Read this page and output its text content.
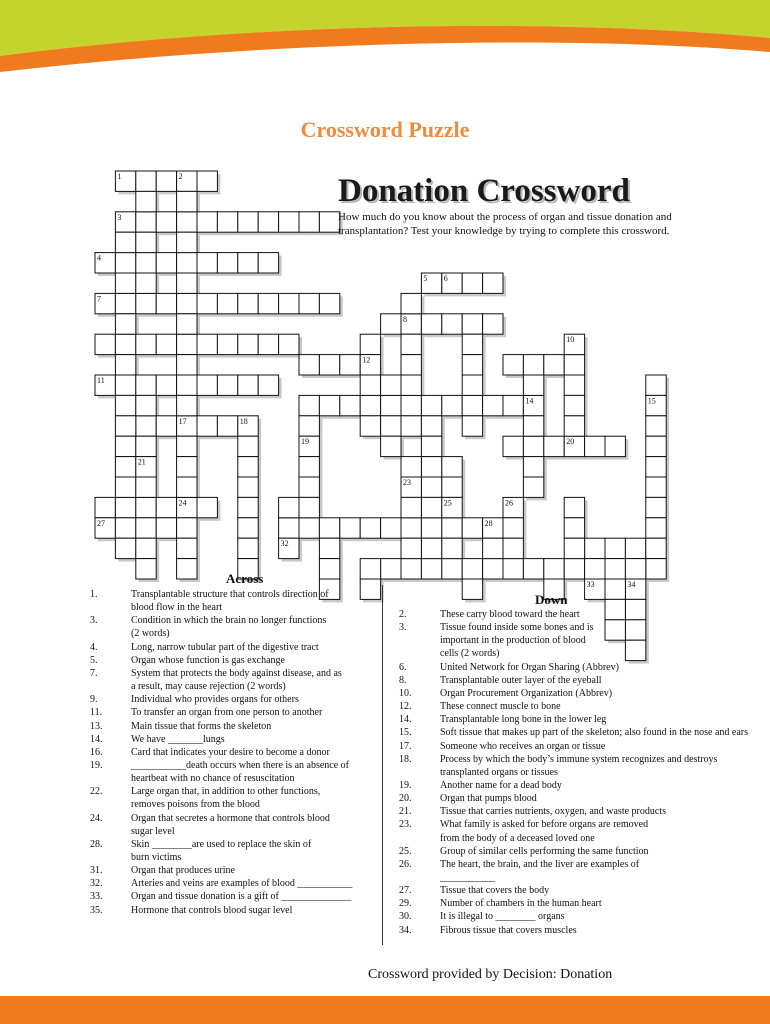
Crossword Puzzle
1	2
3
4
5 6
7
8
12
11
14
17	18
20
24
27	28
10
15
21
19
23
25	26
34
33
32
Donation Crossword
How much do you know about the process of organ and tissue donation and
transplantation? Test your knowledge by trying to complete this crossword.
Across
1.	Transplantable structure that controls direction of
blood flow in the heart
3.	Condition in which the brain no longer functions
(2 words)
4.	Long, narrow tubular part of the digestive tract
5.	Organ whose function is gas exchange
7.	System that protects the body against disease, and as
a result, may cause rejection (2 words)
9.	Individual who provides organs for others
11.	To transfer an organ from one person to another
13.	Main tissue that forms the skeleton
14.	We have _______lungs
16.	Card that indicates your desire to become a donor
19.	___________death occurs when there is an absence of
heartbeat with no chance of resuscitation
22.	Large organ that, in addition to other functions,
removes poisons from the blood
24.	Organ that secretes a hormone that controls blood
sugar level
28.	Skin ________are used to replace the skin of
burn victims
31.	Organ that produces urine
32.	Arteries and veins are examples of blood ___________
33.	Organ and tissue donation is a gift of ______________
35.	Hormone that controls blood sugar level
Down
2.	These carry blood toward the heart
3.	Tissue found inside some bones and is
important in the production of blood
cells (2 words)
6.	United Network for Organ Sharing (Abbrev)
8.	Transplantable outer layer of the eyeball
10.	Organ Procurement Organization (Abbrev)
12.	These connect muscle to bone
14.	Transplantable long bone in the lower leg
15.	Soft tissue that makes up part of the skeleton; also found in the nose and ears
17.	Someone who receives an organ or tissue
18.	Process by which the body’s immune system recognizes and destroys
transplanted organs or tissues
19.	Another name for a dead body
20.	Organ that pumps blood
21.	Tissue that carries nutrients, oxygen, and waste products
23.	What family is asked for before organs are removed
from the body of a deceased loved one
25.	Group of similar cells performing the same function
26.	The heart, the brain, and the liver are examples of
___________
27.	Tissue that covers the body
29.	Number of chambers in the human heart
30.	It is illegal to ________ organs
34.	Fibrous tissue that covers muscles
Crossword provided by Decision: Donation
